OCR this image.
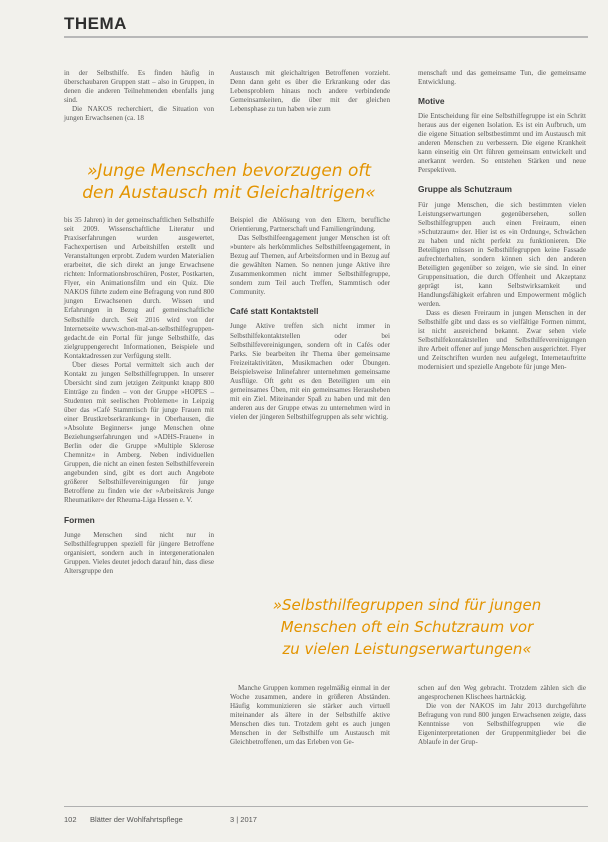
THEMA

in der Selbsthilfe. Es finden häufig in überschaubaren Gruppen statt – also in Gruppen, in denen die anderen Teilnehmenden ebenfalls jung sind.

Die NAKOS recherchiert, die Situation von jungen Erwachsenen (ca. 18

Austausch mit gleichaltrigen Betroffenen vorzieht. Denn dann geht es über die Erkrankung oder das Lebensproblem hinaus noch andere verbindende Gemeinsamkeiten, die über mit der gleichen Lebensphase zu tun haben wie zum

menschaft und das gemeinsame Tun, die gemeinsame Entwicklung.

Motive

Die Entscheidung für eine Selbsthilfegruppe ist ein Schritt heraus aus der eigenen Isolation. Es ist ein Aufbruch, um die eigene Situation selbstbestimmt und im Austausch mit anderen Menschen zu verbessern. Die eigene Krankheit kann einseitig ein Ort führen gemeinsam entwickelt und anerkannt werden. So entstehen Stärken und neue Perspektiven.

Gruppe als Schutzraum

Für junge Menschen, die sich bestimmten vielen Leistungserwartungen gegenübersehen, sollen Selbsthilfegruppen auch einen Freiraum, einen »Schutzraum« der. Hier ist es »in Ordnung«, Schwächen zu haben und nicht perfekt zu funktionieren. Die Beteiligten müssen in Selbsthilfegruppen keine Fassade aufrechterhalten, sondern können sich den anderen Beteiligten gegenüber so zeigen, wie sie sind. In einer Gruppensituation, die durch Offenheit und Akzeptanz geprägt ist, kann Selbstwirksamkeit und Handlungsfähigkeit erfahren und Empowerment möglich werden.

Dass es diesen Freiraum in jungen Menschen in der Selbsthilfe gibt und dass es so vielfältige Formen nimmt, ist nicht ausreichend bekannt. Zwar sehen viele Selbsthilfekontaktstellen und Selbsthilfevereinigungen ihre Arbeit offener auf junge Menschen ausgerichtet. Flyer und Zeitschriften wurden neu aufgelegt, Internetauftritte modernisiert und spezielle Angebote für junge Men-

»Junge Menschen bevorzugen oft
den Austausch mit Gleichaltrigen«

bis 35 Jahren) in der gemeinschaftlichen Selbsthilfe seit 2009. Wissenschaftliche Literatur und Praxiserfahrungen wurden ausgewertet, Fachexpertisen und Arbeitshilfen erstellt und Veranstaltungen erprobt. Zudem wurden Materialien erarbeitet, die sich direkt an junge Erwachsene richten: Informationsbroschüren, Poster, Postkarten, Flyer, ein Animationsfilm und ein Quiz. Die NAKOS führte zudem eine Befragung von rund 800 jungen Erwachsenen durch. Wissen und Erfahrungen in Bezug auf gemeinschaftliche Selbsthilfe durch. Seit 2016 wird von der Internetseite www.schon-mal-an-selbsthilfegruppen-gedacht.de ein Portal für junge Selbsthilfe, das zielgruppengerecht Informationen, Beispiele und Kontaktadressen zur Verfügung stellt.

Über dieses Portal vermittelt sich auch der Kontakt zu jungen Selbsthilfegruppen. In unserer Übersicht sind zum jetzigen Zeitpunkt knapp 800 Einträge zu finden – von der Gruppe »HOPES – Studenten mit seelischen Problemen« in Leipzig über das »Café Stammtisch für junge Frauen mit einer Brustkrebserkrankung« in Oberhausen, die »Absolute Beginners« junge Menschen ohne Beziehungserfahrungen und »ADHS-Frauen« in Berlin oder die Gruppe »Multiple Sklerose Chemnitz« in Amberg. Neben individuellen Gruppen, die nicht an einen festen Selbsthilfeverein angebunden sind, gibt es dort auch Angebote größerer Selbsthilfevereinigungen für junge Betroffene zu finden wie der »Arbeitskreis Junge Rheumatiker« der Rheuma-Liga Hessen e. V.

Formen

Junge Menschen sind nicht nur in Selbsthilfegruppen speziell für jüngere Betroffene organisiert, sondern auch in intergenerationalen Gruppen. Vieles deutet jedoch darauf hin, dass diese Altersgruppe den

Beispiel die Ablösung von den Eltern, berufliche Orientierung, Partnerschaft und Familiengründung.

Das Selbsthilfeengagement junger Menschen ist oft »bunter« als herkömmliches Selbsthilfeengagement, in Bezug auf Themen, auf Arbeitsformen und in Bezug auf die gewählten Namen. So nennen junge Aktive ihre Zusammenkommen nicht immer Selbsthilfegruppe, sondern zum Teil auch Treffen, Stammtisch oder Community.

Café statt Kontaktstell

Junge Aktive treffen sich nicht immer in Selbsthilfekontaktstellen oder bei Selbsthilfevereinigungen, sondern oft in Cafés oder Parks. Sie bearbeiten ihr Thema über gemeinsame Freizeitaktivitäten, Musikmachen oder Übungen. Beispielsweise Inlinefahrer unternehmen gemeinsame Ausflüge. Oft geht es den Beteiligten um ein gemeinsames Üben, mit ein gemeinsames Herausheben mit ein Ziel. Miteinander Spaß zu haben und mit den anderen aus der Gruppe etwas zu unternehmen wird in vielen der jüngeren Selbsthilfegruppen als sehr wichtig.

»Selbsthilfegruppen sind für jungen
Menschen oft ein Schutzraum vor
zu vielen Leistungserwartungen«

Manche Gruppen kommen regelmäßig einmal in der Woche zusammen, andere in größeren Abständen. Häufig kommunizieren sie stärker auch virtuell miteinander als ältere in der Selbsthilfe aktive Menschen dies tun. Trotzdem geht es auch jungen Menschen in der Selbsthilfe um Austausch mit Gleichbetroffenen, um das Erleben von Ge-

schen auf den Weg gebracht. Trotzdem zählen sich die angesprochenen Klischees hartnäckig.

Die von der NAKOS im Jahr 2013 durchgeführte Befragung von rund 800 jungen Erwachsenen zeigte, dass Kenntnisse von Selbsthilfegruppen wie die Eigeninterpretationen der Gruppenmitglieder bei die Ablaufe in der Grup-

102 Blätter der Wohlfahrtspflege	3 | 2017
